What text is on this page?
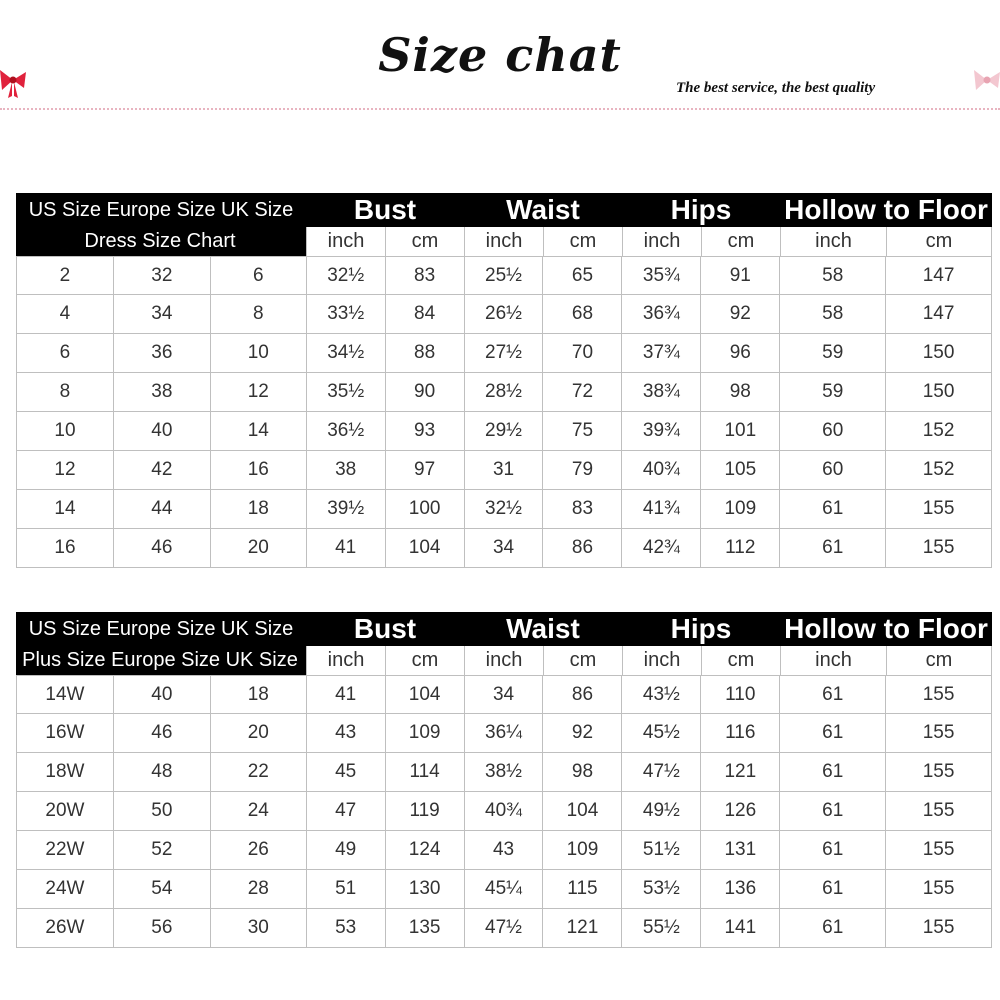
Size chat
The best service, the best quality
US Size Europe Size UK Size
Dress Size Chart
Bust	Waist	Hips	Hollow to Floor
inch	cm	inch	cm	inch	cm	inch	cm
2	32	6	32½	83	25½	65	35¾	91	58	147
4	34	8	33½	84	26½	68	36¾	92	58	147
6	36	10	34½	88	27½	70	37¾	96	59	150
8	38	12	35½	90	28½	72	38¾	98	59	150
10	40	14	36½	93	29½	75	39¾	101	60	152
12	42	16	38	97	31	79	40¾	105	60	152
14	44	18	39½	100	32½	83	41¾	109	61	155
16	46	20	41	104	34	86	42¾	112	61	155
US Size Europe Size UK Size
Plus Size Europe Size UK Size
Bust	Waist	Hips	Hollow to Floor
inch	cm	inch	cm	inch	cm	inch	cm
14W	40	18	41	104	34	86	43½	110	61	155
16W	46	20	43	109	36¼	92	45½	116	61	155
18W	48	22	45	114	38½	98	47½	121	61	155
20W	50	24	47	119	40¾	104	49½	126	61	155
22W	52	26	49	124	43	109	51½	131	61	155
24W	54	28	51	130	45¼	115	53½	136	61	155
26W	56	30	53	135	47½	121	55½	141	61	155
